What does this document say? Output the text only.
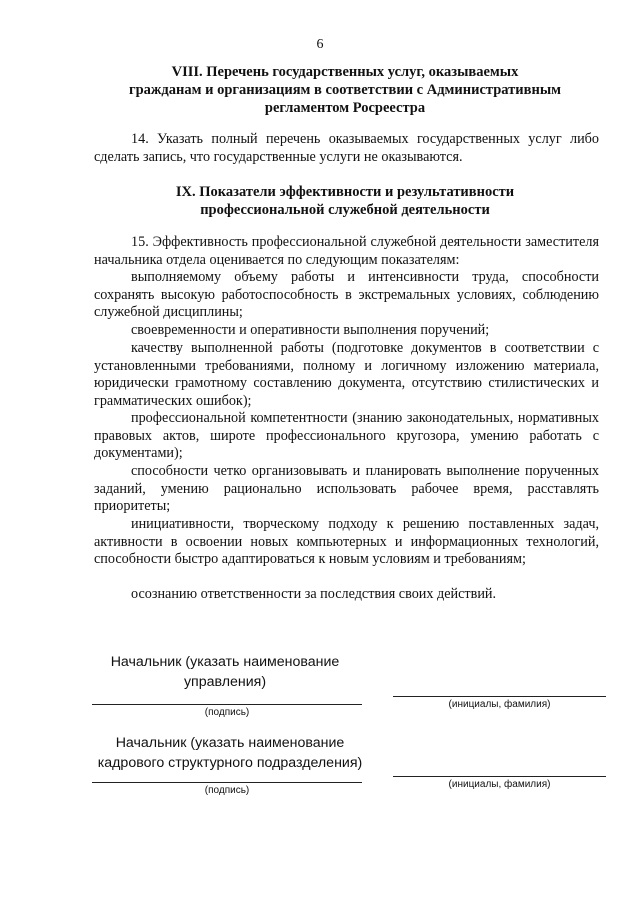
6
VIII. Перечень государственных услуг, оказываемых
гражданам и организациям в соответствии с Административным
регламентом Росреестра

14. Указать полный перечень оказываемых государственных услуг либо сделать запись, что государственные услуги не оказываются.

IX. Показатели эффективности и результативности
профессиональной служебной деятельности

15. Эффективность профессиональной служебной деятельности заместителя начальника отдела оценивается по следующим показателям:

выполняемому объему работы и интенсивности труда, способности сохранять высокую работоспособность в экстремальных условиях, соблюдению служебной дисциплины;

своевременности и оперативности выполнения поручений;

качеству выполненной работы (подготовке документов в соответствии с установленными требованиями, полному и логичному изложению материала, юридически грамотному составлению документа, отсутствию стилистических и грамматических ошибок);

профессиональной компетентности (знанию законодательных, нормативных правовых актов, широте профессионального кругозора, умению работать с документами);

способности четко организовывать и планировать выполнение порученных заданий, умению рационально использовать рабочее время, расставлять приоритеты;

инициативности, творческому подходу к решению поставленных задач, активности в освоении новых компьютерных и информационных технологий, способности быстро адаптироваться к новым условиям и требованиям;

осознанию ответственности за последствия своих действий.

Начальник (указать наименование
управления)
(подпись)
(инициалы, фамилия)
Начальник (указать наименование
кадрового структурного подразделения)
(подпись)
(инициалы, фамилия)
